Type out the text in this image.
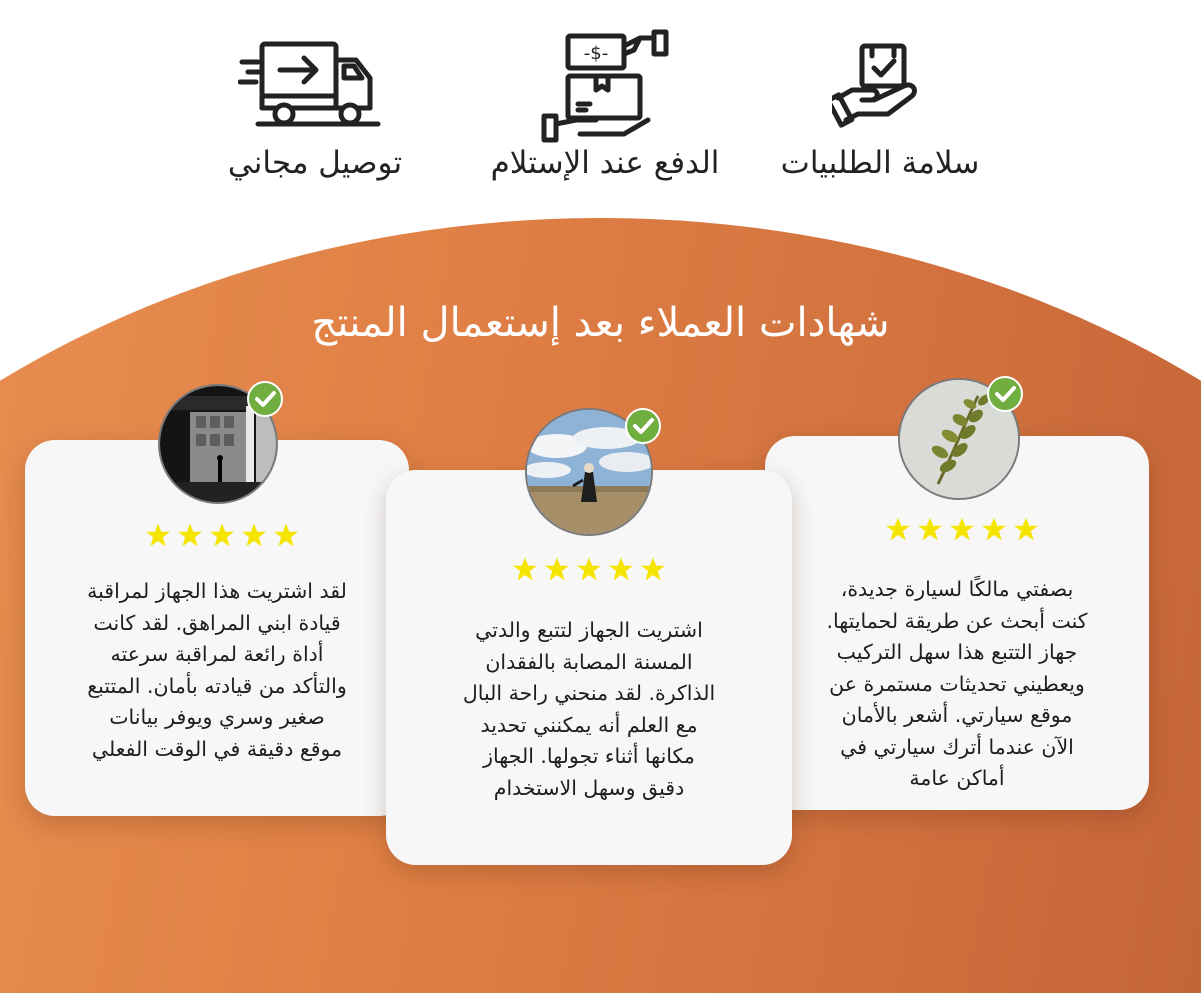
توصيل مجاني
-$-
الدفع عند الإستلام	سلامة الطلبيات
شهادات العملاء بعد إستعمال المنتج
لقد اشتريت هذا الجهاز لمراقبة
قيادة ابني المراهق. لقد كانت
أداة رائعة لمراقبة سرعته
والتأكد من قيادته بأمان. المتتبع
صغير وسري ويوفر بيانات
موقع دقيقة في الوقت الفعلي
بصفتي مالكًا لسيارة جديدة،
كنت أبحث عن طريقة لحمايتها.
جهاز التتبع هذا سهل التركيب
ويعطيني تحديثات مستمرة عن
موقع سيارتي. أشعر بالأمان
الآن عندما أترك سيارتي في
أماكن عامة
اشتريت الجهاز لتتبع والدتي
المسنة المصابة بالفقدان
الذاكرة. لقد منحني راحة البال
مع العلم أنه يمكنني تحديد
مكانها أثناء تجولها. الجهاز
دقيق وسهل الاستخدام
